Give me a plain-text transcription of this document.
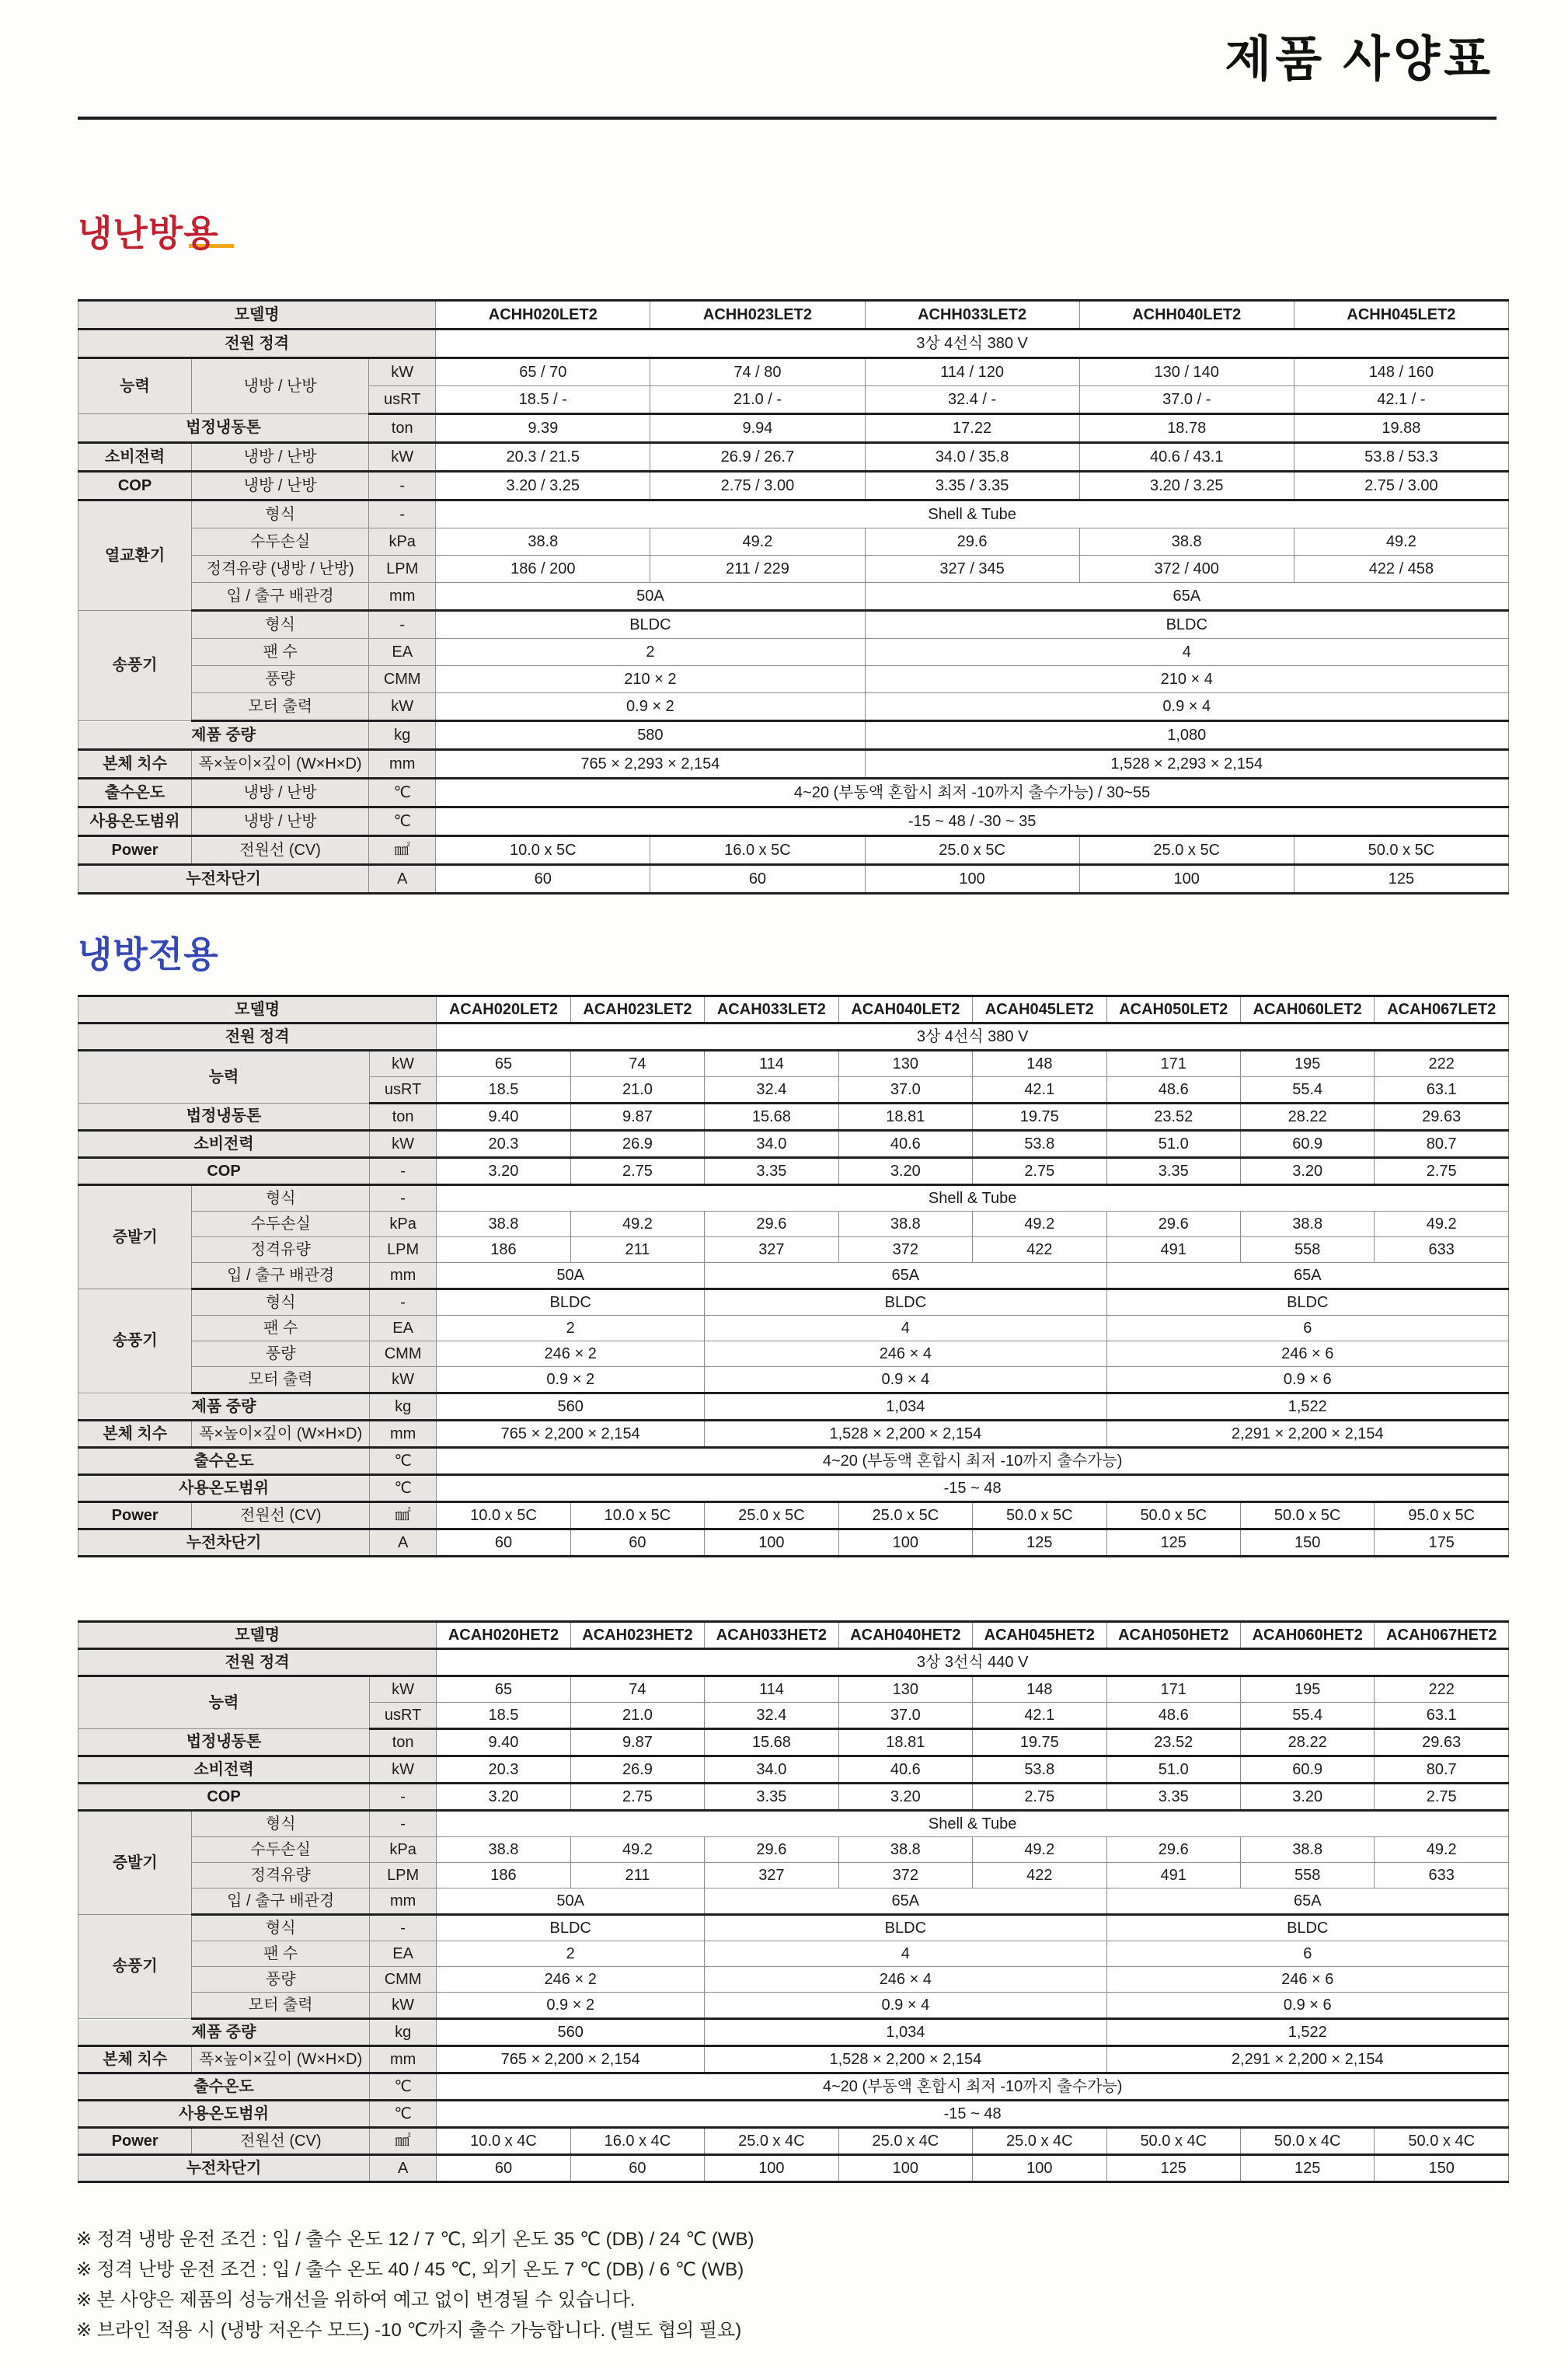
제품 사양표
냉난방용
모델명			ACHH020LET2	ACHH023LET2	ACHH033LET2	ACHH040LET2	ACHH045LET2
전원 정격			3상 4선식 380 V				
능력	냉방 / 난방	kW	65 / 70	74 / 80	114 / 120	130 / 140	148 / 160
		usRT	18.5 / -	21.0 / -	32.4 / -	37.0 / -	42.1 / -
법정냉동톤		ton	9.39	9.94	17.22	18.78	19.88
소비전력	냉방 / 난방	kW	20.3 / 21.5	26.9 / 26.7	34.0 / 35.8	40.6 / 43.1	53.8 / 53.3
COP	냉방 / 난방	-	3.20 / 3.25	2.75 / 3.00	3.35 / 3.35	3.20 / 3.25	2.75 / 3.00
열교환기	형식	-	Shell & Tube				
	수두손실	kPa	38.8	49.2	29.6	38.8	49.2
	정격유량 (냉방 / 난방)	LPM	186 / 200	211 / 229	327 / 345	372 / 400	422 / 458
	입 / 출구 배관경	mm	50A		65A		
송풍기	형식	-	BLDC		BLDC		
	팬 수	EA	2		4		
	풍량	CMM	210 × 2		210 × 4		
	모터 출력	kW	0.9 × 2		0.9 × 4		
제품 중량		kg	580		1,080		
본체 치수	폭×높이×깊이 (W×H×D)	mm	765 × 2,293 × 2,154		1,528 × 2,293 × 2,154		
출수온도	냉방 / 난방	℃	4~20 (부동액 혼합시 최저 -10까지 출수가능) / 30~55				
사용온도범위	냉방 / 난방	℃	-15 ~ 48 / -30 ~ 35				
Power	전원선 (CV)	㎟	10.0 x 5C	16.0 x 5C	25.0 x 5C	25.0 x 5C	50.0 x 5C
누전차단기		A	60	60	100	100	125
냉방전용
모델명			ACAH020LET2	ACAH023LET2	ACAH033LET2	ACAH040LET2	ACAH045LET2	ACAH050LET2	ACAH060LET2	ACAH067LET2
전원 정격			3상 4선식 380 V							
능력		kW	65	74	114	130	148	171	195	222
		usRT	18.5	21.0	32.4	37.0	42.1	48.6	55.4	63.1
법정냉동톤		ton	9.40	9.87	15.68	18.81	19.75	23.52	28.22	29.63
소비전력		kW	20.3	26.9	34.0	40.6	53.8	51.0	60.9	80.7
COP		-	3.20	2.75	3.35	3.20	2.75	3.35	3.20	2.75
증발기	형식	-	Shell & Tube							
	수두손실	kPa	38.8	49.2	29.6	38.8	49.2	29.6	38.8	49.2
	정격유량	LPM	186	211	327	372	422	491	558	633
	입 / 출구 배관경	mm	50A		65A			65A		
송풍기	형식	-	BLDC		BLDC			BLDC		
	팬 수	EA	2		4			6		
	풍량	CMM	246 × 2		246 × 4			246 × 6		
	모터 출력	kW	0.9 × 2		0.9 × 4			0.9 × 6		
제품 중량		kg	560		1,034			1,522		
본체 치수	폭×높이×깊이 (W×H×D)	mm	765 × 2,200 × 2,154		1,528 × 2,200 × 2,154			2,291 × 2,200 × 2,154		
출수온도		℃	4~20 (부동액 혼합시 최저 -10까지 출수가능)							
사용온도범위		℃	-15 ~ 48							
Power	전원선 (CV)	㎟	10.0 x 5C	10.0 x 5C	25.0 x 5C	25.0 x 5C	50.0 x 5C	50.0 x 5C	50.0 x 5C	95.0 x 5C
누전차단기		A	60	60	100	100	125	125	150	175
모델명			ACAH020HET2	ACAH023HET2	ACAH033HET2	ACAH040HET2	ACAH045HET2	ACAH050HET2	ACAH060HET2	ACAH067HET2
전원 정격			3상 3선식 440 V							
능력		kW	65	74	114	130	148	171	195	222
		usRT	18.5	21.0	32.4	37.0	42.1	48.6	55.4	63.1
법정냉동톤		ton	9.40	9.87	15.68	18.81	19.75	23.52	28.22	29.63
소비전력		kW	20.3	26.9	34.0	40.6	53.8	51.0	60.9	80.7
COP		-	3.20	2.75	3.35	3.20	2.75	3.35	3.20	2.75
증발기	형식	-	Shell & Tube							
	수두손실	kPa	38.8	49.2	29.6	38.8	49.2	29.6	38.8	49.2
	정격유량	LPM	186	211	327	372	422	491	558	633
	입 / 출구 배관경	mm	50A		65A			65A		
송풍기	형식	-	BLDC		BLDC			BLDC		
	팬 수	EA	2		4			6		
	풍량	CMM	246 × 2		246 × 4			246 × 6		
	모터 출력	kW	0.9 × 2		0.9 × 4			0.9 × 6		
제품 중량		kg	560		1,034			1,522		
본체 치수	폭×높이×깊이 (W×H×D)	mm	765 × 2,200 × 2,154		1,528 × 2,200 × 2,154			2,291 × 2,200 × 2,154		
출수온도		℃	4~20 (부동액 혼합시 최저 -10까지 출수가능)							
사용온도범위		℃	-15 ~ 48							
Power	전원선 (CV)	㎟	10.0 x 4C	16.0 x 4C	25.0 x 4C	25.0 x 4C	25.0 x 4C	50.0 x 4C	50.0 x 4C	50.0 x 4C
누전차단기		A	60	60	100	100	100	125	125	150
※ 정격 냉방 운전 조건 : 입 / 출수 온도 12 / 7 ℃, 외기 온도 35 ℃ (DB) / 24 ℃ (WB)
※ 정격 난방 운전 조건 : 입 / 출수 온도 40 / 45 ℃, 외기 온도 7 ℃ (DB) / 6 ℃ (WB)
※ 본 사양은 제품의 성능개선을 위하여 예고 없이 변경될 수 있습니다.
※ 브라인 적용 시 (냉방 저온수 모드) -10 ℃까지 출수 가능합니다. (별도 협의 필요)
